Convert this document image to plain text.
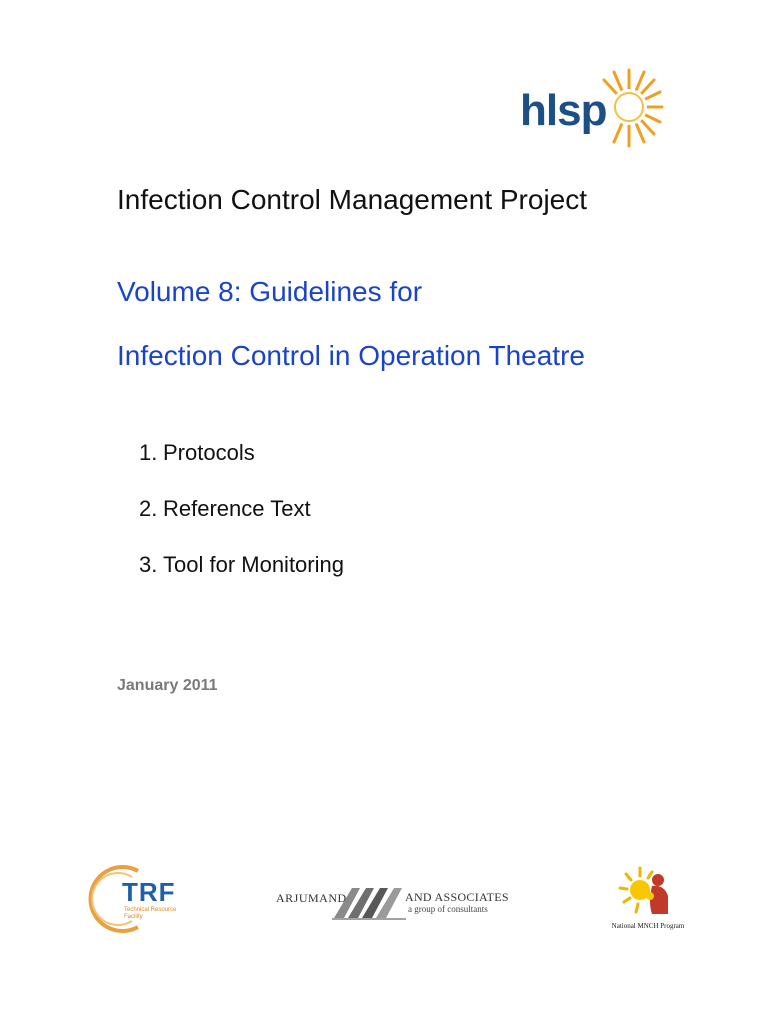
hlsp
Infection Control Management Project
Volume 8: Guidelines for
Infection Control in Operation Theatre
1. Protocols
2. Reference Text
3. Tool for Monitoring
January 2011
TRF
Technical Resource Facility
ARJUMAND	AND ASSOCIATES
a group of consultants
National MNCH Program
